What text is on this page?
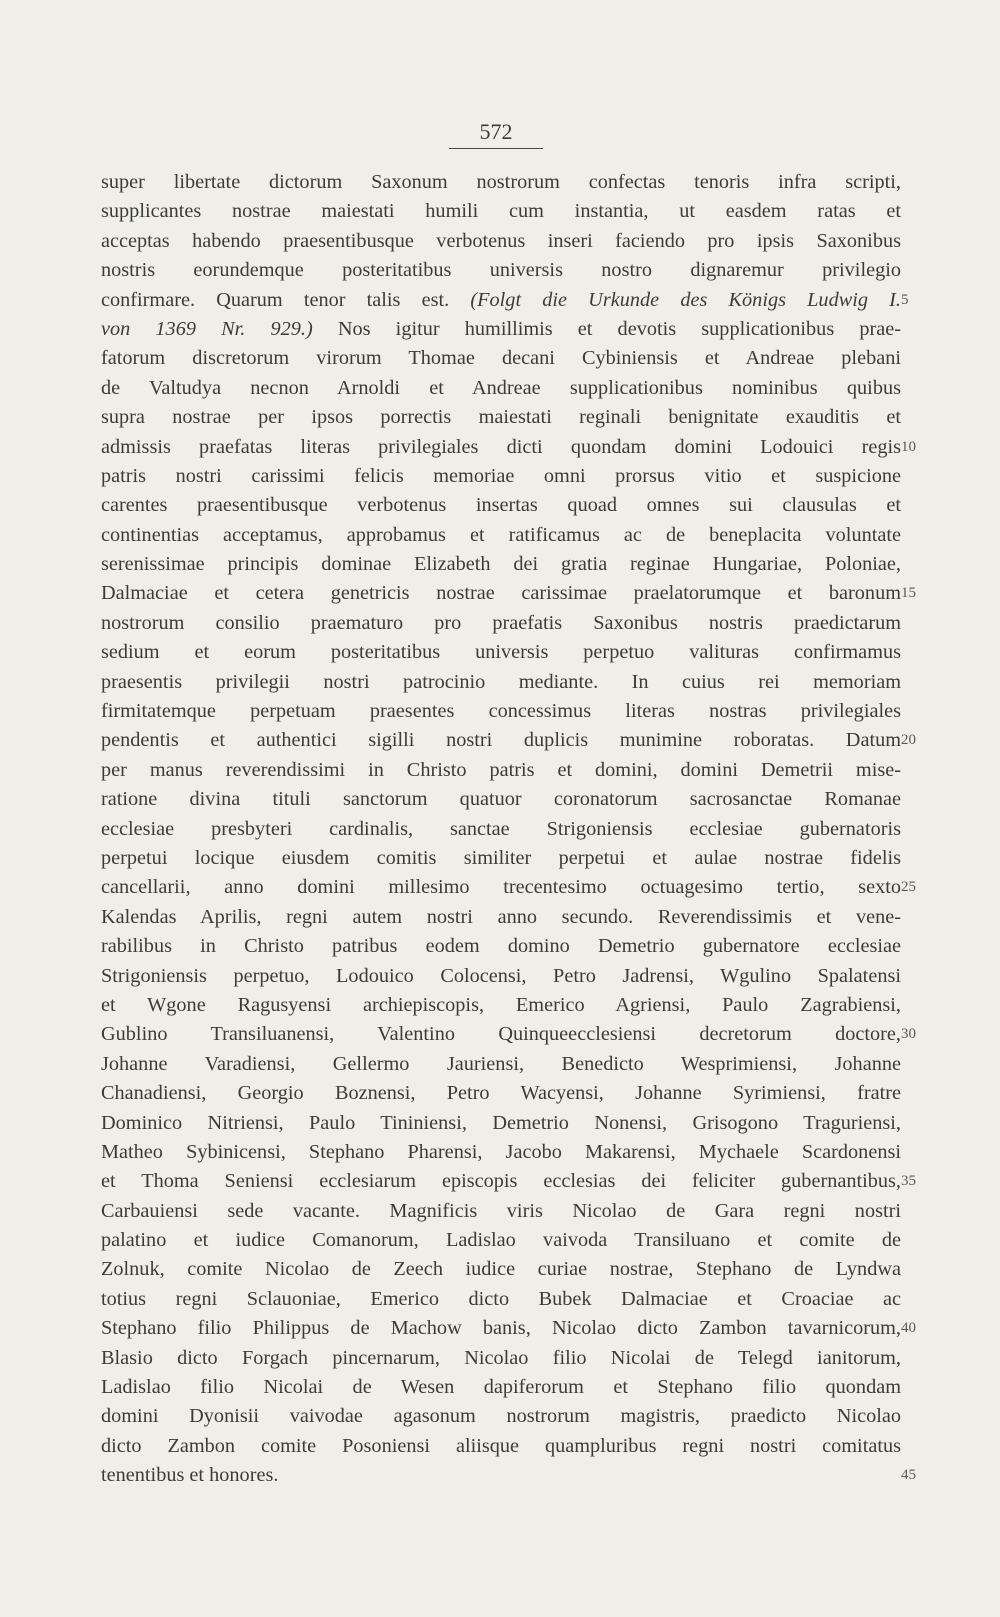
572
super libertate dictorum Saxonum nostrorum confectas tenoris infra scripti,
supplicantes nostrae maiestati humili cum instantia, ut easdem ratas et
acceptas habendo praesentibusque verbotenus inseri faciendo pro ipsis Saxonibus
nostris eorundemque posteritatibus universis nostro dignaremur privilegio
confirmare. Quarum tenor talis est. (Folgt die Urkunde des Königs Ludwig I. 5
von 1369 Nr. 929.) Nos igitur humillimis et devotis supplicationibus prae-
fatorum discretorum virorum Thomae decani Cybiniensis et Andreae plebani
de Valtudya necnon Arnoldi et Andreae supplicationibus nominibus quibus
supra nostrae per ipsos porrectis maiestati reginali benignitate exauditis et
admissis praefatas literas privilegiales dicti quondam domini Lodouici regis 10
patris nostri carissimi felicis memoriae omni prorsus vitio et suspicione
carentes praesentibusque verbotenus insertas quoad omnes sui clausulas et
continentias acceptamus, approbamus et ratificamus ac de beneplacita voluntate
serenissimae principis dominae Elizabeth dei gratia reginae Hungariae, Poloniae,
Dalmaciae et cetera genetricis nostrae carissimae praelatorumque et baronum 15
nostrorum consilio praematuro pro praefatis Saxonibus nostris praedictarum
sedium et eorum posteritatibus universis perpetuo valituras confirmamus
praesentis privilegii nostri patrocinio mediante. In cuius rei memoriam
firmitatemque perpetuam praesentes concessimus literas nostras privilegiales
pendentis et authentici sigilli nostri duplicis munimine roboratas. Datum 20
per manus reverendissimi in Christo patris et domini, domini Demetrii mise-
ratione divina tituli sanctorum quatuor coronatorum sacrosanctae Romanae
ecclesiae presbyteri cardinalis, sanctae Strigoniensis ecclesiae gubernatoris
perpetui locique eiusdem comitis similiter perpetui et aulae nostrae fidelis
cancellarii, anno domini millesimo trecentesimo octuagesimo tertio, sexto 25
Kalendas Aprilis, regni autem nostri anno secundo. Reverendissimis et vene-
rabilibus in Christo patribus eodem domino Demetrio gubernatore ecclesiae
Strigoniensis perpetuo, Lodouico Colocensi, Petro Jadrensi, Wgulino Spalatensi
et Wgone Ragusyensi archiepiscopis, Emerico Agriensi, Paulo Zagrabiensi,
Gublino Transiluanensi, Valentino Quinqueecclesiensi decretorum doctore, 30
Johanne Varadiensi, Gellermo Jauriensi, Benedicto Wesprimiensi, Johanne
Chanadiensi, Georgio Boznensi, Petro Wacyensi, Johanne Syrimiensi, fratre
Dominico Nitriensi, Paulo Tininiensi, Demetrio Nonensi, Grisogono Traguriensi,
Matheo Sybinicensi, Stephano Pharensi, Jacobo Makarensi, Mychaele Scardonensi
et Thoma Seniensi ecclesiarum episcopis ecclesias dei feliciter gubernantibus, 35
Carbauiensi sede vacante. Magnificis viris Nicolao de Gara regni nostri
palatino et iudice Comanorum, Ladislao vaivoda Transiluano et comite de
Zolnuk, comite Nicolao de Zeech iudice curiae nostrae, Stephano de Lyndwa
totius regni Sclauoniae, Emerico dicto Bubek Dalmaciae et Croaciae ac
Stephano filio Philippus de Machow banis, Nicolao dicto Zambon tavarnicorum, 40
Blasio dicto Forgach pincernarum, Nicolao filio Nicolai de Telegd ianitorum,
Ladislao filio Nicolai de Wesen dapiferorum et Stephano filio quondam
domini Dyonisii vaivodae agasonum nostrorum magistris, praedicto Nicolao
dicto Zambon comite Posoniensi aliisque quampluribus regni nostri comitatus
tenentibus et honores.	45
